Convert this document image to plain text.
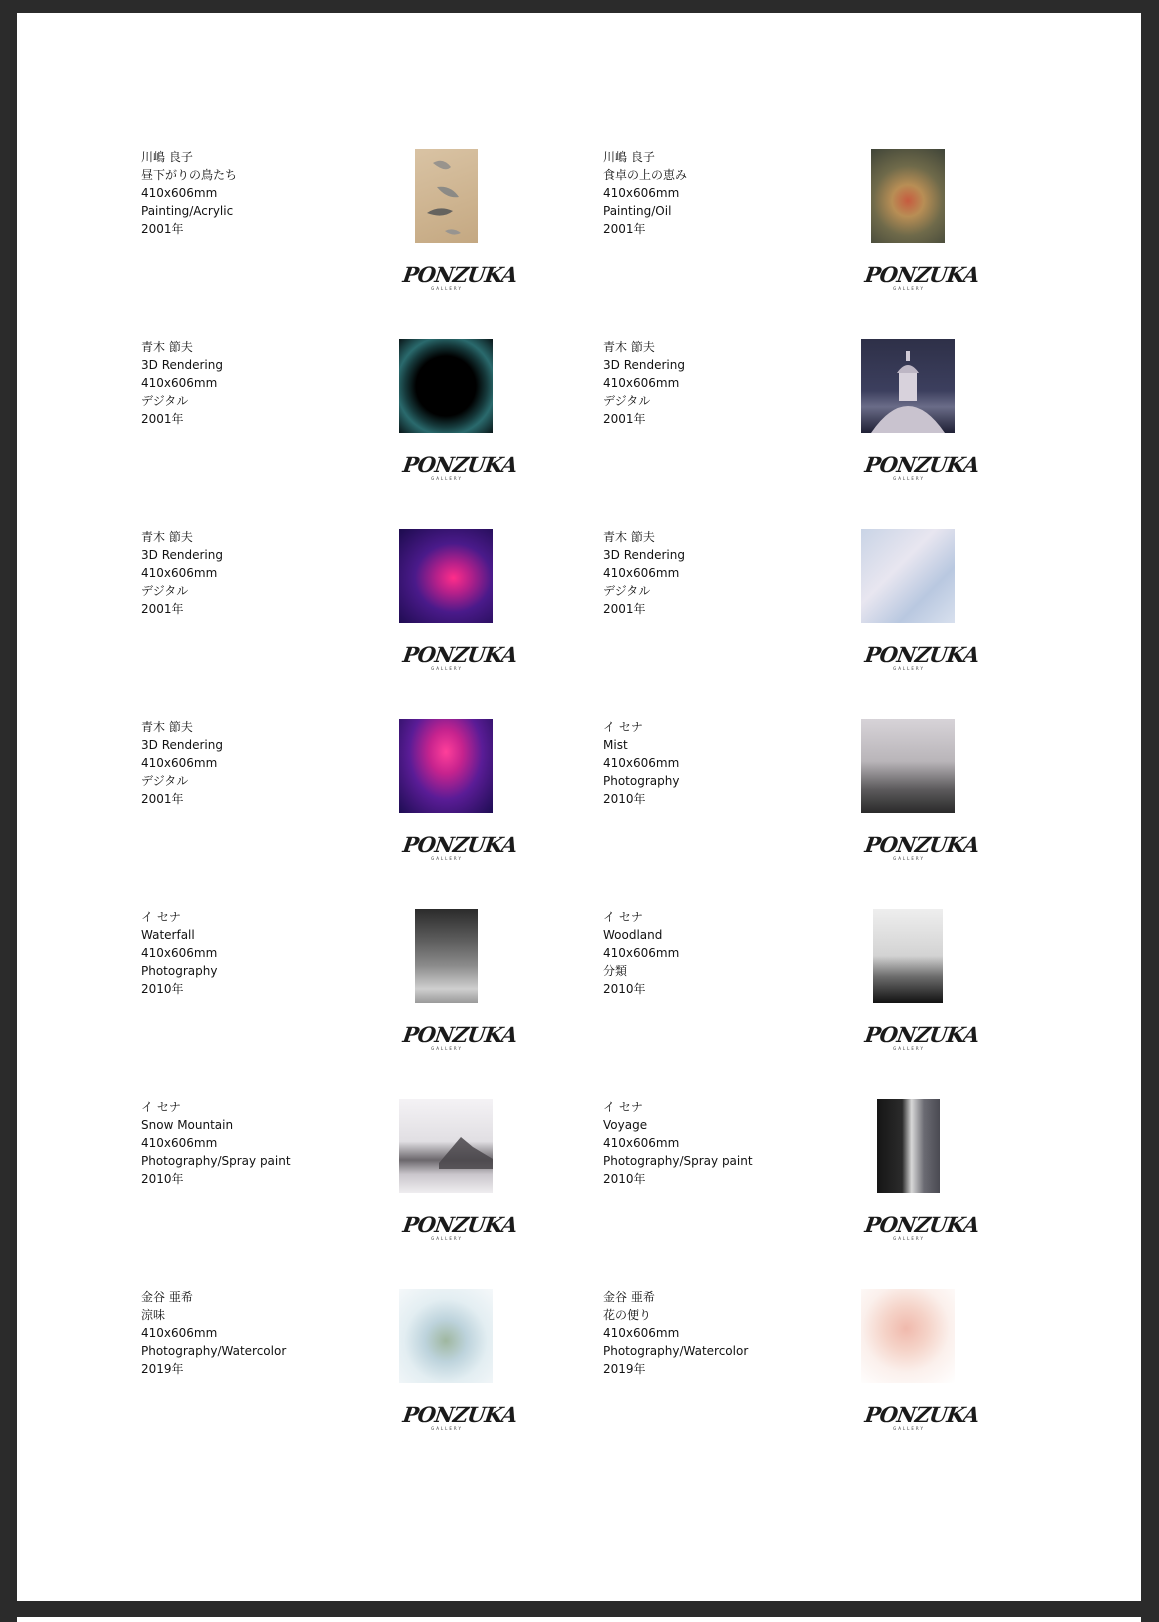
川嶋 良子
昼下がりの鳥たち
410x606mm
Painting/Acrylic
2001年
PONZUKA
GALLERY
川嶋 良子
食卓の上の恵み
410x606mm
Painting/Oil
2001年
PONZUKA
GALLERY
青木 節夫
3D Rendering
410x606mm
デジタル
2001年
PONZUKA
GALLERY
青木 節夫
3D Rendering
410x606mm
デジタル
2001年
PONZUKA
GALLERY
青木 節夫
3D Rendering
410x606mm
デジタル
2001年
PONZUKA
GALLERY
青木 節夫
3D Rendering
410x606mm
デジタル
2001年
PONZUKA
GALLERY
青木 節夫
3D Rendering
410x606mm
デジタル
2001年
PONZUKA
GALLERY
イ セナ
Mist
410x606mm
Photography
2010年
PONZUKA
GALLERY
イ セナ
Waterfall
410x606mm
Photography
2010年
PONZUKA
GALLERY
イ セナ
Woodland
410x606mm
分類
2010年
PONZUKA
GALLERY
イ セナ
Snow Mountain
410x606mm
Photography/Spray paint
2010年
PONZUKA
GALLERY
イ セナ
Voyage
410x606mm
Photography/Spray paint
2010年
PONZUKA
GALLERY
金谷 亜希
涼味
410x606mm
Photography/Watercolor
2019年
PONZUKA
GALLERY
金谷 亜希
花の便り
410x606mm
Photography/Watercolor
2019年
PONZUKA
GALLERY
